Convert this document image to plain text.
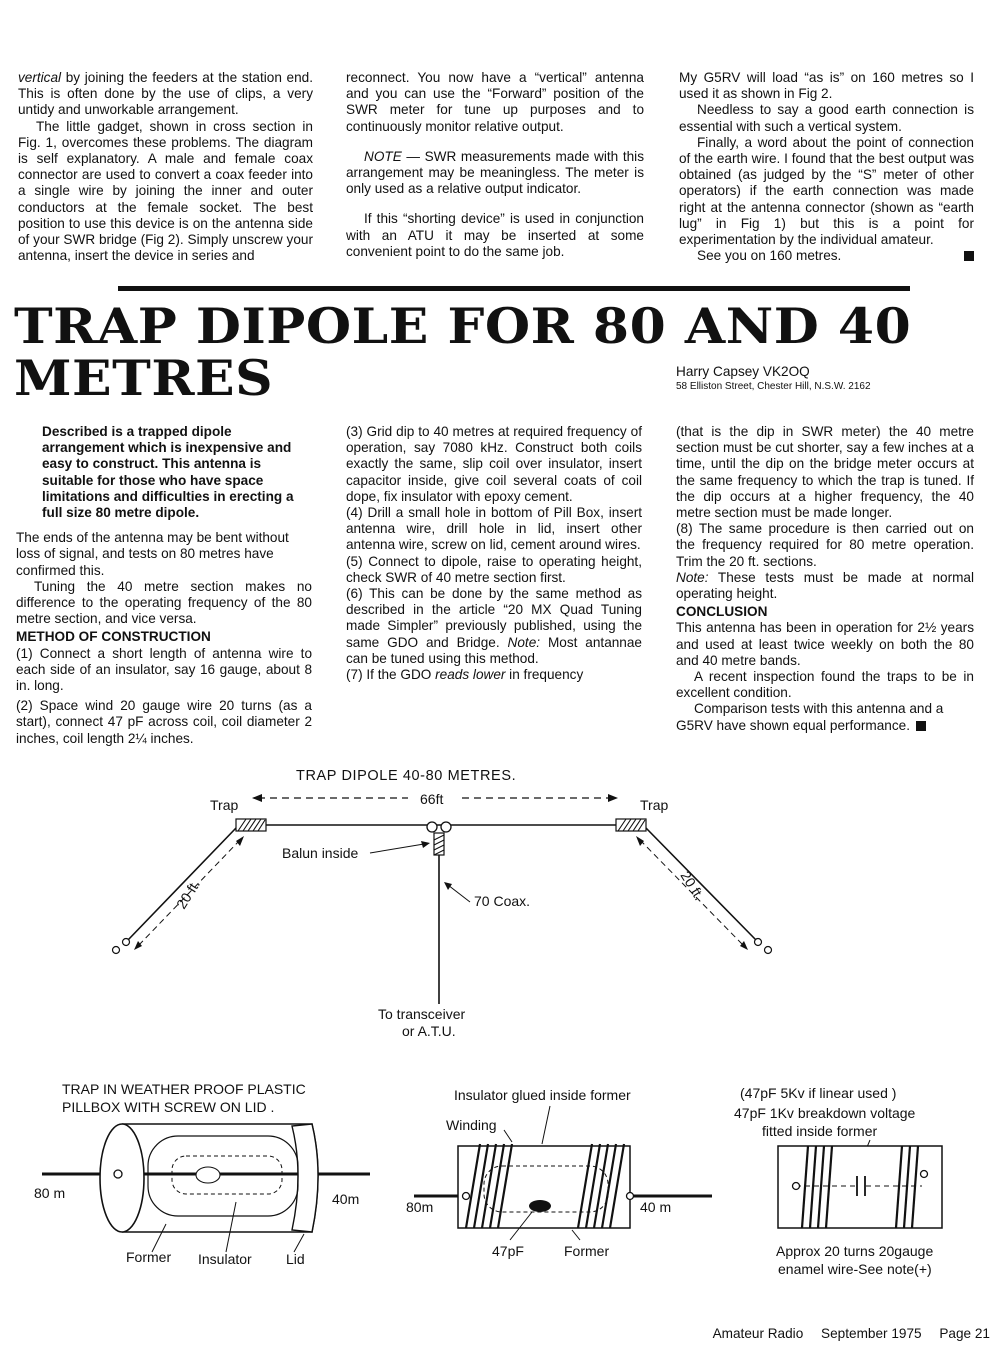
vertical by joining the feeders at the station end. This is often done by the use of clips, a very untidy and unworkable arrangement.

The little gadget, shown in cross section in Fig. 1, overcomes these problems. The diagram is self explanatory. A male and female coax connector are used to convert a coax feeder into a single wire by joining the inner and outer conductors at the female socket. The best position to use this device is on the antenna side of your SWR bridge (Fig 2). Simply unscrew your antenna, insert the device in series and

reconnect. You now have a “vertical” antenna and you can use the “Forward” position of the SWR meter for tune up purposes and to continuously monitor relative output.

NOTE — SWR measurements made with this arrangement may be meaningless. The meter is only used as a relative output indicator.

If this “shorting device” is used in conjunction with an ATU it may be inserted at some convenient point to do the same job.

My G5RV will load “as is” on 160 metres so I used it as shown in Fig 2.

Needless to say a good earth connection is essential with such a vertical system.

Finally, a word about the point of connection of the earth wire. I found that the best output was obtained (as judged by the “S” meter of other operators) if the earth connection was made right at the antenna connector (shown as “earth lug” in Fig 1) but this is a point for experimentation by the individual amateur.

See you on 160 metres.

TRAP DIPOLE FOR 80 AND 40
METRES	Harry Capsey VK2OQ
58 Elliston Street, Chester Hill, N.S.W. 2162

Described is a trapped dipole arrangement which is inexpensive and easy to construct. This antenna is suitable for those who have space limitations and difficulties in erecting a full size 80 metre dipole.

The ends of the antenna may be bent without loss of signal, and tests on 80 metres have confirmed this.

Tuning the 40 metre section makes no difference to the operating frequency of the 80 metre section, and vice versa.

METHOD OF CONSTRUCTION

(1) Connect a short length of antenna wire to each side of an insulator, say 16 gauge, about 8 in. long.

(2) Space wind 20 gauge wire 20 turns (as a start), connect 47 pF across coil, coil diameter 2 inches, coil length 2¼ inches.

(3) Grid dip to 40 metres at required frequency of operation, say 7080 kHz. Construct both coils exactly the same, slip coil over insulator, insert capacitor inside, give coil several coats of coil dope, fix insulator with epoxy cement.

(4) Drill a small hole in bottom of Pill Box, insert antenna wire, drill hole in lid, insert other antenna wire, screw on lid, cement around wires.

(5) Connect to dipole, raise to operating height, check SWR of 40 metre section first.

(6) This can be done by the same method as described in the article “20 MX Quad Tuning made Simpler” previously published, using the same GDO and Bridge. Note: Most antannae can be tuned using this method.

(7) If the GDO reads lower in frequency

(that is the dip in SWR meter) the 40 metre section must be cut shorter, say a few inches at a time, until the dip on the bridge meter occurs at the same frequency to which the trap is tuned. If the dip occurs at a higher frequency, the 40 metre section must be made longer.

(8) The same procedure is then carried out on the frequency required for 80 metre operation. Trim the 20 ft. sections.

Note: These tests must be made at normal operating height.

CONCLUSION

This antenna has been in operation for 2½ years and used at least twice weekly on both the 80 and 40 metre bands.

A recent inspection found the traps to be in excellent condition.

Comparison tests with this antenna and a G5RV have shown equal performance.

TRAP DIPOLE 40-80 METRES.
66ft
Trap	Trap
20 ft.	20 ft.
Balun inside
70 Coax.
To transceiver
or A.T.U.
TRAP IN WEATHER PROOF PLASTIC
PILLBOX WITH SCREW ON LID .
80 m	40m
Former Insulator Lid
Insulator glued inside former
Winding
80m	40 m
47pF	Former
(47pF 5Kv if linear used )
47pF 1Kv breakdown voltage
fitted inside former
Approx 20 turns 20gauge
enamel wire-See note(+)
Amateur Radio September 1975 Page 21
